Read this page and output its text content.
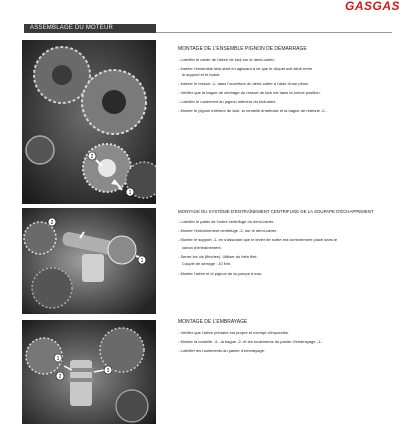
GASGAS
ASSEMBLAGE DU MOTEUR
1
2
2
1
1
2
3
MONTAGE DE L'ENSEMBLE PIGNON DE DÉMARRAGE
- Lubrifier le carter de l'arbre de kick sur le demi-carter.
- Insérer l'ensemble kick-start en agissant à ce que le cliquet soit situé entre
le support et le butoir.
- Insérer le ressort -1- dans l'ouverture du demi-carter à l'aide d'une pince.
- Vérifier que la bague de centrage du ressort de kick est dans la bonne position.
- Lubrifier le roulement du pignon intérieur du kick-start.
- Monter le pignon intérieur de kick, la rondelle entretoise et la bague de retenue -2-.
MONTAGE DU SYSTÈME D'ENTRAÎNEMENT CENTRIFUGE DE LA SOUPAPE D'ÉCHAPPEMENT
- Lubrifier le palier de l'arbre centrifuge du demi-carter.
- Monter l'entraînement centrifuge -2- sur le demi-carter.
- Monter le support -1- en s'assurant que le levier de sortie est correctement placé dans le
canon d'entraînement.
- Serrer les vis (flèches). Utiliser du frein filet.
Couple de serrage : 10 Nm.
- Monter l'arbre et le pignon de la pompe à eau.
MONTAGE DE L'EMBRAYAGE
- Vérifier que l'arbre primaire est propre et exempt d'impuretés.
- Monter la rondelle -3-, la bague -2- et les roulements du panier d'embrayage -1-.
- Lubrifier les roulements du panier d'embrayage.
